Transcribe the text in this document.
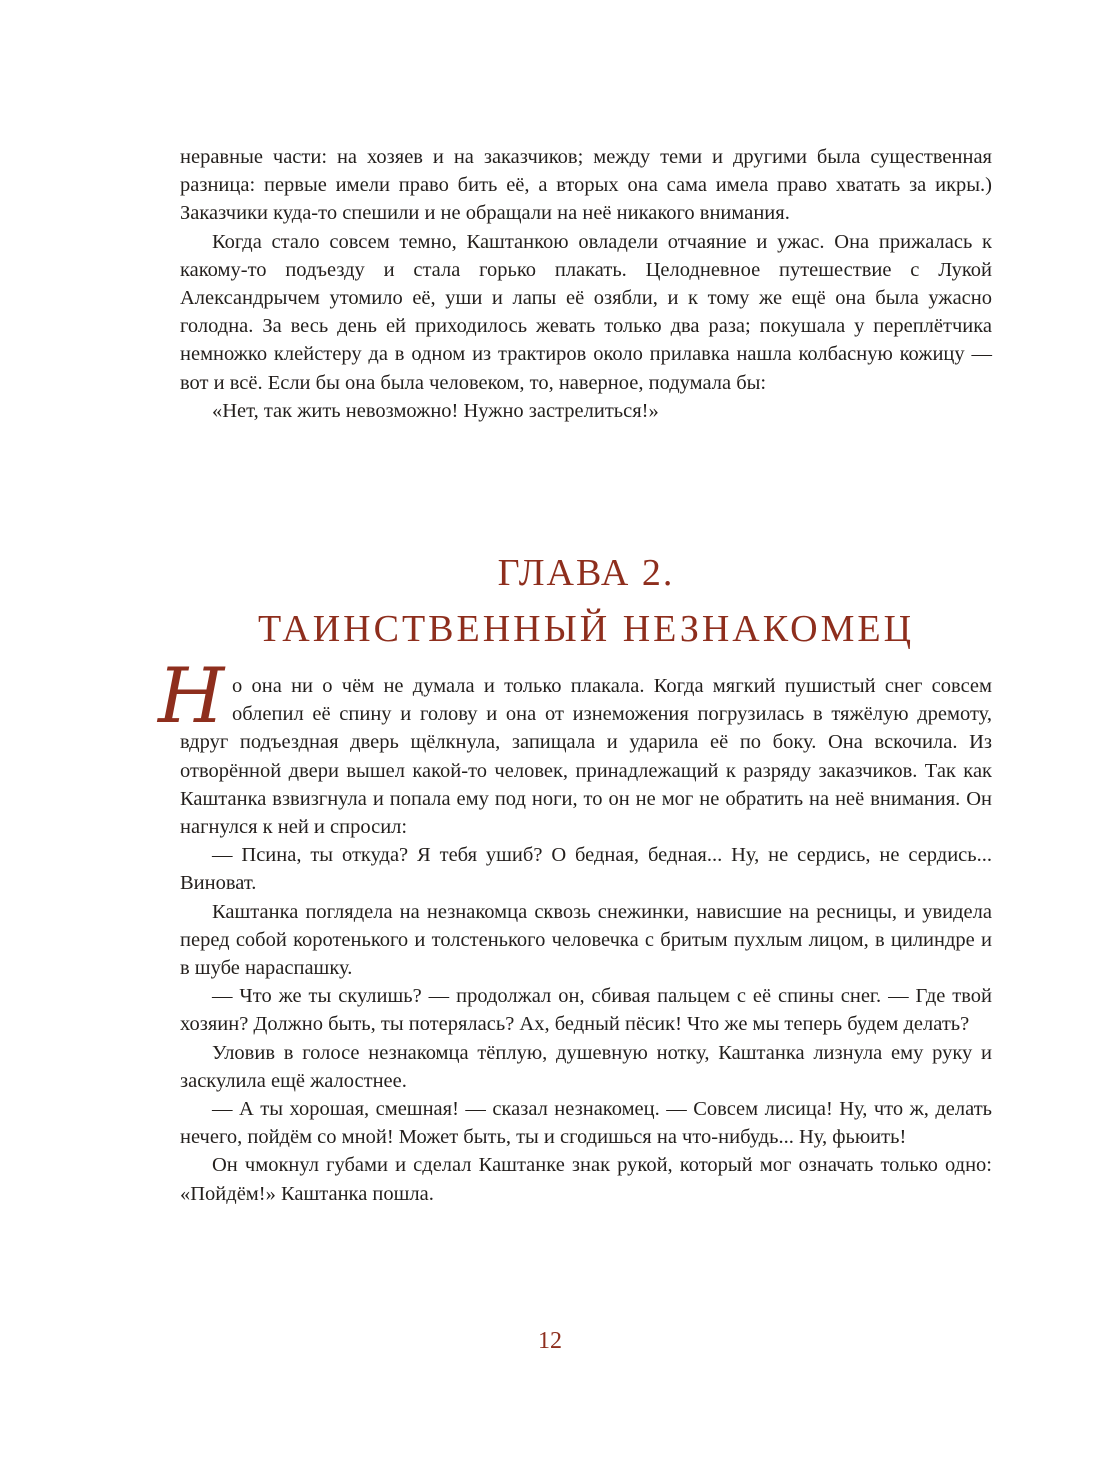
неравные части: на хозяев и на заказчиков; между теми и другими была существенная разница: первые имели право бить её, а вторых она сама имела право хватать за икры.) Заказчики куда-то спешили и не обращали на неё никакого внимания.

Когда стало совсем темно, Каштанкою овладели отчаяние и ужас. Она прижалась к какому-то подъезду и стала горько плакать. Целодневное путешествие с Лукой Александрычем утомило её, уши и лапы её озябли, и к тому же ещё она была ужасно голодна. За весь день ей приходилось жевать только два раза; покушала у переплётчика немножко клейстеру да в одном из трактиров около прилавка нашла колбасную кожицу — вот и всё. Если бы она была человеком, то, наверное, подумала бы:

«Нет, так жить невозможно! Нужно застрелиться!»

ГЛАВА 2.
ТАИНСТВЕННЫЙ НЕЗНАКОМЕЦ

Но она ни о чём не думала и только плакала. Когда мягкий пушистый снег совсем облепил её спину и голову и она от изнеможения погрузилась в тяжёлую дремоту, вдруг подъездная дверь щёлкнула, запищала и ударила её по боку. Она вскочила. Из отворённой двери вышел какой-то человек, принадлежащий к разряду заказчиков. Так как Каштанка взвизгнула и попала ему под ноги, то он не мог не обратить на неё внимания. Он нагнулся к ней и спросил:

— Псина, ты откуда? Я тебя ушиб? О бедная, бедная... Ну, не сердись, не сердись... Виноват.

Каштанка поглядела на незнакомца сквозь снежинки, нависшие на ресницы, и увидела перед собой коротенького и толстенького человечка с бритым пухлым лицом, в цилиндре и в шубе нараспашку.

— Что же ты скулишь? — продолжал он, сбивая пальцем с её спины снег. — Где твой хозяин? Должно быть, ты потерялась? Ах, бедный пёсик! Что же мы теперь будем делать?

Уловив в голосе незнакомца тёплую, душевную нотку, Каштанка лизнула ему руку и заскулила ещё жалостнее.

— А ты хорошая, смешная! — сказал незнакомец. — Совсем лисица! Ну, что ж, делать нечего, пойдём со мной! Может быть, ты и сгодишься на что-нибудь... Ну, фьюить!

Он чмокнул губами и сделал Каштанке знак рукой, который мог означать только одно: «Пойдём!» Каштанка пошла.

12
